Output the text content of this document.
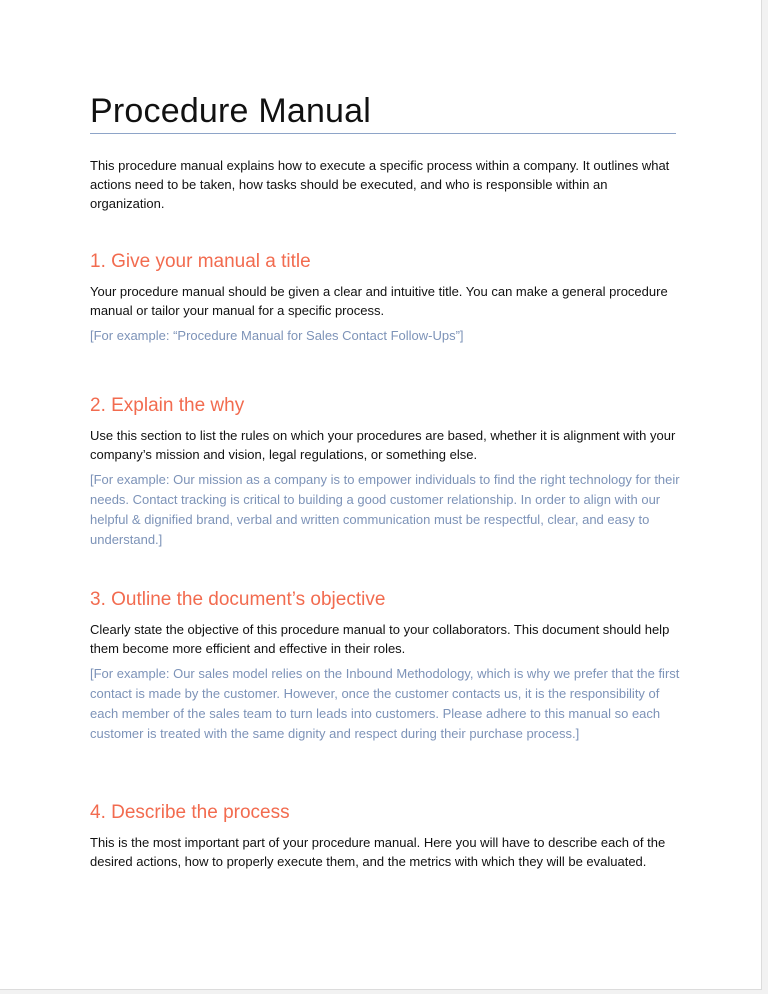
Procedure Manual

This procedure manual explains how to execute a specific process within a company. It outlines what actions need to be taken, how tasks should be executed, and who is responsible within an organization.

1. Give your manual a title
Your procedure manual should be given a clear and intuitive title. You can make a general procedure manual or tailor your manual for a specific process.
[For example: “Procedure Manual for Sales Contact Follow-Ups”]
2. Explain the why
Use this section to list the rules on which your procedures are based, whether it is alignment with your company’s mission and vision, legal regulations, or something else.
[For example: Our mission as a company is to empower individuals to find the right technology for their needs. Contact tracking is critical to building a good customer relationship. In order to align with our helpful & dignified brand, verbal and written communication must be respectful, clear, and easy to understand.]
3. Outline the document’s objective
Clearly state the objective of this procedure manual to your collaborators. This document should help them become more efficient and effective in their roles.
[For example: Our sales model relies on the Inbound Methodology, which is why we prefer that the first contact is made by the customer. However, once the customer contacts us, it is the responsibility of each member of the sales team to turn leads into customers. Please adhere to this manual so each customer is treated with the same dignity and respect during their purchase process.]
4. Describe the process
This is the most important part of your procedure manual. Here you will have to describe each of the desired actions, how to properly execute them, and the metrics with which they will be evaluated.
